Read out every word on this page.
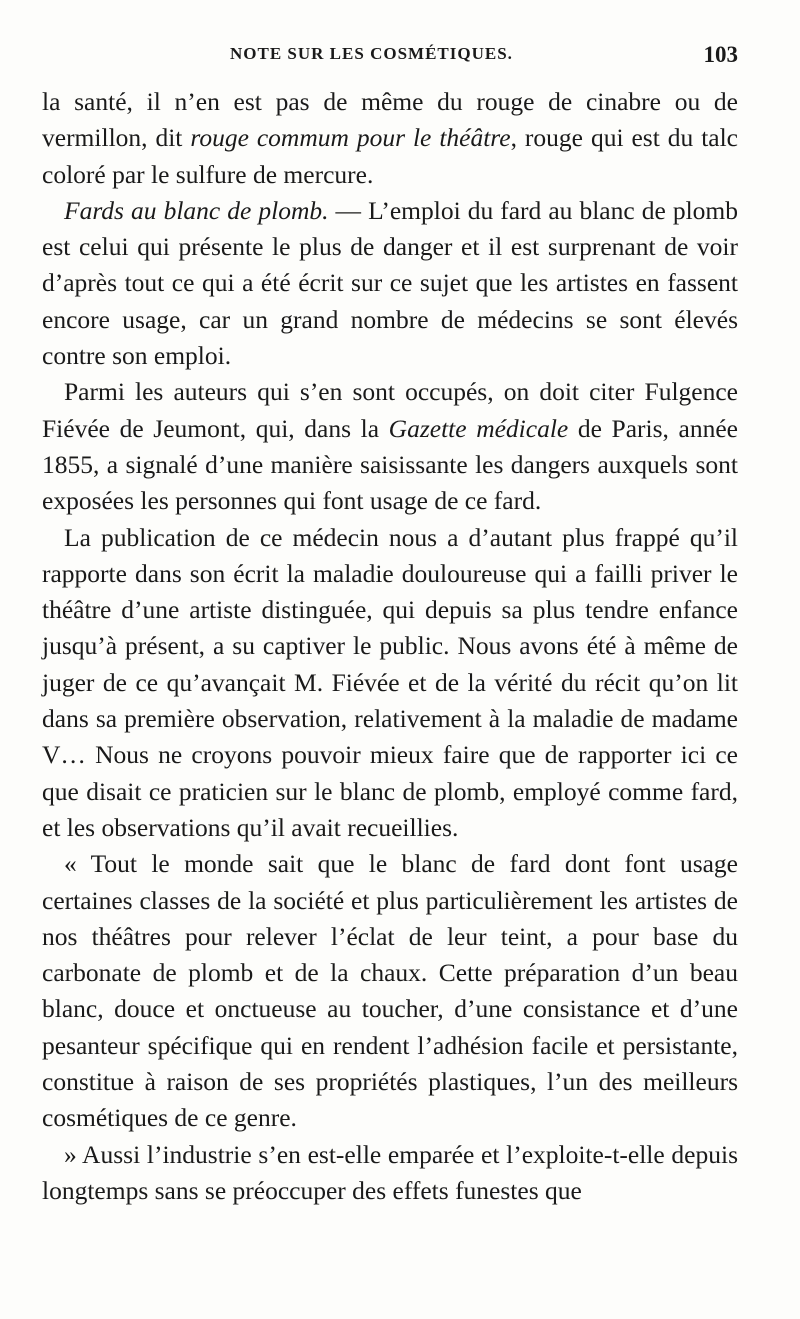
NOTE SUR LES COSMÉTIQUES.	103

la santé, il n’en est pas de même du rouge de cinabre ou de vermillon, dit rouge commum pour le théâtre, rouge qui est du talc coloré par le sulfure de mercure.

Fards au blanc de plomb. — L’emploi du fard au blanc de plomb est celui qui présente le plus de danger et il est surprenant de voir d’après tout ce qui a été écrit sur ce sujet que les artistes en fassent encore usage, car un grand nombre de médecins se sont élevés contre son emploi.

Parmi les auteurs qui s’en sont occupés, on doit citer Fulgence Fiévée de Jeumont, qui, dans la Gazette médicale de Paris, année 1855, a signalé d’une manière saisissante les dangers auxquels sont exposées les personnes qui font usage de ce fard.

La publication de ce médecin nous a d’autant plus frappé qu’il rapporte dans son écrit la maladie douloureuse qui a failli priver le théâtre d’une artiste distinguée, qui depuis sa plus tendre enfance jusqu’à présent, a su captiver le public. Nous avons été à même de juger de ce qu’avançait M. Fiévée et de la vérité du récit qu’on lit dans sa première observation, relativement à la maladie de madame V… Nous ne croyons pouvoir mieux faire que de rapporter ici ce que disait ce praticien sur le blanc de plomb, employé comme fard, et les observations qu’il avait recueillies.

« Tout le monde sait que le blanc de fard dont font usage certaines classes de la société et plus particulièrement les artistes de nos théâtres pour relever l’éclat de leur teint, a pour base du carbonate de plomb et de la chaux. Cette préparation d’un beau blanc, douce et onctueuse au toucher, d’une consistance et d’une pesanteur spécifique qui en rendent l’adhésion facile et persistante, constitue à raison de ses propriétés plastiques, l’un des meilleurs cosmétiques de ce genre.

» Aussi l’industrie s’en est-elle emparée et l’exploite-t-elle depuis longtemps sans se préoccuper des effets funestes que
